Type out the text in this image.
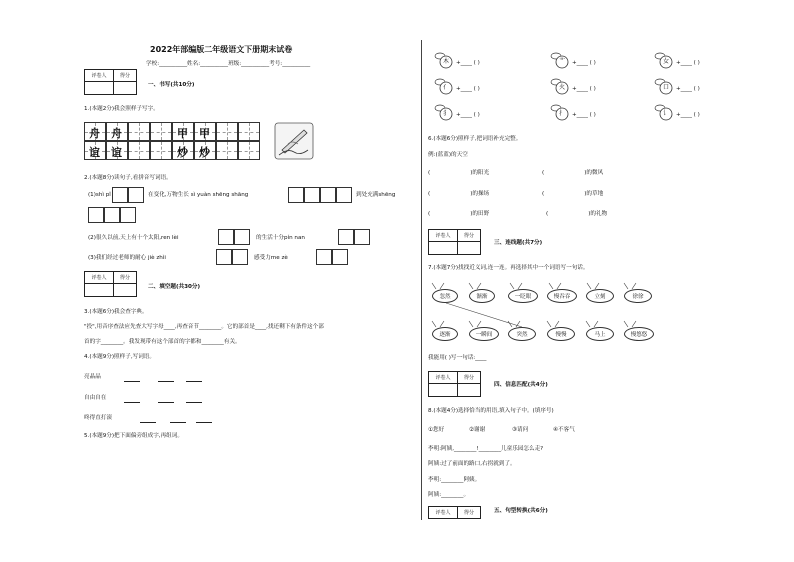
2022年部编版二年级语文下册期末试卷
学校:__________姓名:__________班级:__________考号:__________
评卷人	得分

一、书写(共10分)
1.(本题2分)我会照样子写字。
舟 舟
谊 谊
甲 甲
炒 炒
2.(本题8分)读句子,看拼音写词语。
(1)shì pǐ	在变化,万物生长 sì yuàn shēng shāng	到处充满shēng
(2)很久以前,天上有十个太阳,ren lèi	的生活十分pín nan
(3)我们经过老师的耐心 jiè zhìi	感受力me zè
评卷人	得分

二、填空题(共30分)
3.(本题6分)我会查字典。
"投",用音序查法应先查大写字母____,再查音节________。它的部首是____,找还剩下有条件这个部
首的字________。我发现带有这个部首的字都和________有关。
4.(本题9分)照样子,写词语。
亮晶晶
自由自在
咚得直打滚
5.(本题9分)把下面偏旁组成字,再组词。
木 +____ ( )	艹 +____ ( )	女 +____ ( )
亻 +____ ( )	火 +____ ( )	口 +____ ( )
犭 +____ ( )	扌 +____ ( )	讠 +____ ( )
6.(本题6分)照样子,把词语补充完整。
例:(蓝蓝)的天空
(	)的阳光	(	)的微风
(	)的操场	(	)的草地
(	)的田野	(	)的礼物
评卷人	得分

三、连线题(共7分)
7.(本题7分)找找近义词,连一连。再选择其中一个词语写一句话。
忽然	渐渐	一眨眼	慢吞吞	立刻	徐徐
逐渐	一瞬间	突然	慢慢	马上	慢悠悠
我能用( )写一句话:____
评卷人	得分

四、信息匹配(共4分)
8.(本题4分)选择恰当的用语,填入句子中。(填序号)
①您好	②谢谢	③请问	④不客气
李明:阿姨,________!________儿童乐园怎么走?
阿姨:过了前面的路口,右拐就到了。
李明:________阿姨。
阿姨:________。
评卷人	得分	五、句型转换(共6分)
